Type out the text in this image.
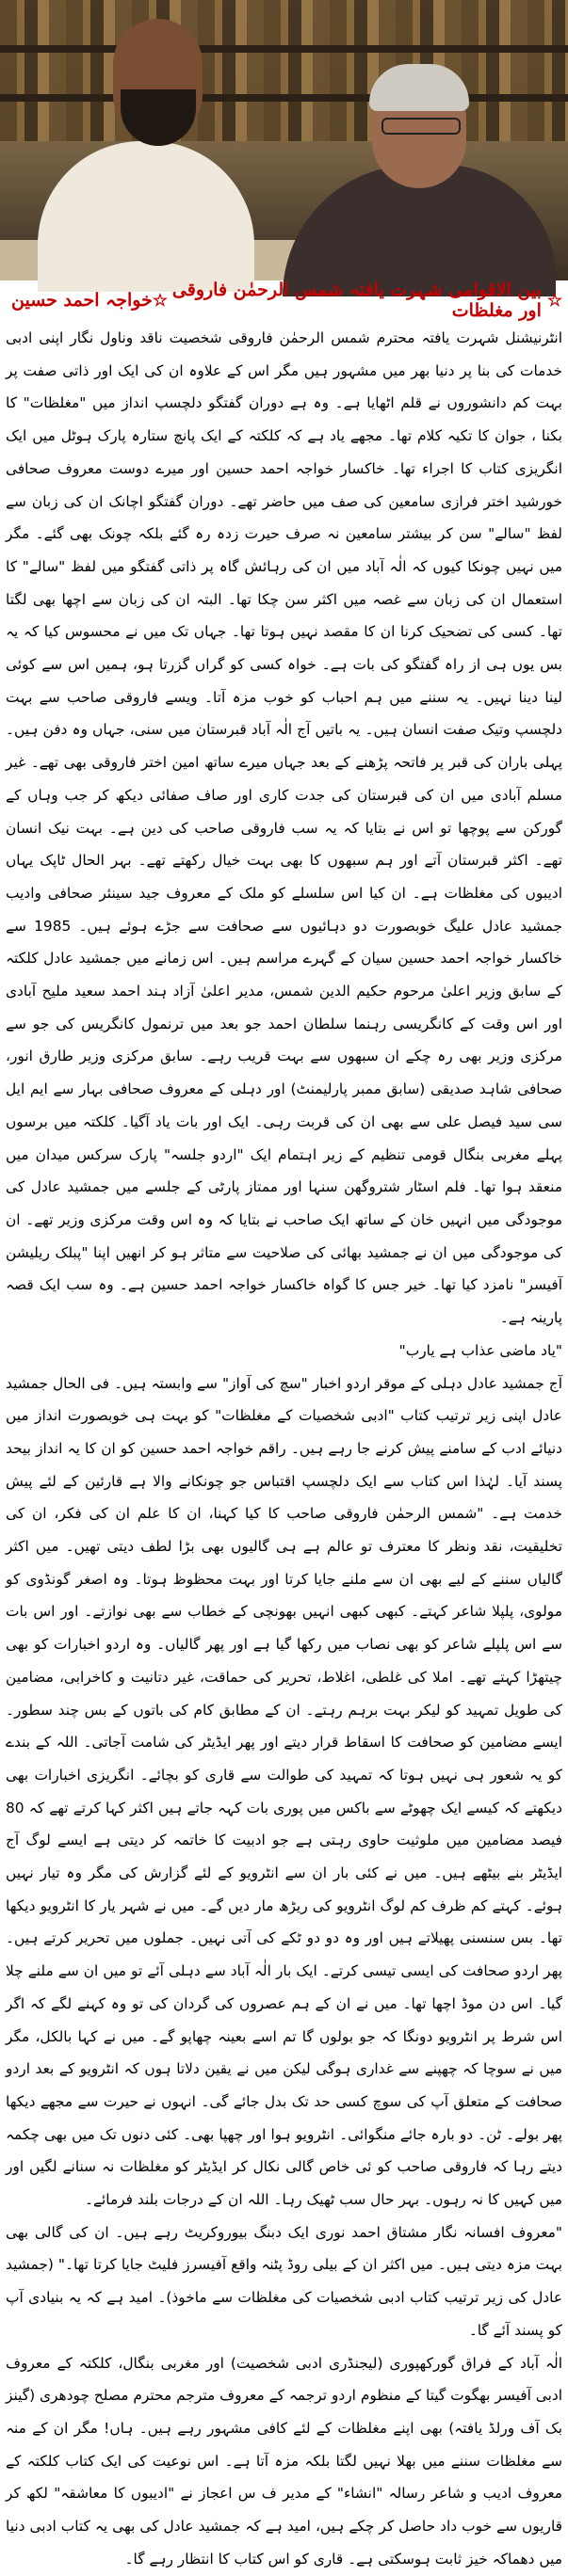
☆
بین الاقوامی شہرت یافتہ شمس الرحمٰن فاروقی اور مغلظات
☆
خواجہ احمد حسین

انٹرنیشنل شہرت یافتہ محترم شمس الرحمٰن فاروقی شخصیت ناقد وناول نگار اپنی ادبی خدمات کی بنا پر دنیا بھر میں مشہور ہیں مگر اس کے علاوہ ان کی ایک اور ذاتی صفت پر بہت کم دانشوروں نے قلم اٹھایا ہے۔ وہ ہے دوران گفتگو دلچسپ انداز میں "مغلظات" کا بکنا ، جوان کا تکیہ کلام تھا۔ مجھے یاد ہے کہ کلکتہ کے ایک پانچ ستارہ پارک ہوٹل میں ایک انگریزی کتاب کا اجراء تھا۔ خاکسار خواجہ احمد حسین اور میرے دوست معروف صحافی خورشید اختر فرازی سامعین کی صف میں حاضر تھے۔ دوران گفتگو اچانک ان کی زبان سے لفظ "سالے" سن کر بیشتر سامعین نہ صرف حیرت زدہ رہ گئے بلکہ چونک بھی گئے۔ مگر میں نہیں چونکا کیوں کہ الٰہ آباد میں ان کی رہائش گاہ پر ذاتی گفتگو میں لفظ "سالے" کا استعمال ان کی زبان سے غصہ میں اکثر سن چکا تھا۔ البتہ ان کی زبان سے اچھا بھی لگتا تھا۔ کسی کی تضحیک کرنا ان کا مقصد نہیں ہوتا تھا۔ جہاں تک میں نے محسوس کیا کہ یہ بس یوں ہی از راہ گفتگو کی بات ہے۔ خواہ کسی کو گراں گزرتا ہو، ہمیں اس سے کوئی لینا دینا نہیں۔ یہ سننے میں ہم احباب کو خوب مزہ آتا۔ ویسے فاروقی صاحب سے بہت دلچسپ وتیک صفت انسان ہیں۔ یہ باتیں آج الٰہ آباد قبرستان میں سنی، جہاں وہ دفن ہیں۔ پہلی باران کی قبر پر فاتحہ پڑھنے کے بعد جہاں میرے ساتھ امین اختر فاروقی بھی تھے۔ غیر مسلم آبادی میں ان کی قبرستان کی جدت کاری اور صاف صفائی دیکھ کر جب وہاں کے گورکن سے پوچھا تو اس نے بتایا کہ یہ سب فاروقی صاحب کی دین ہے۔ بہت نیک انسان تھے۔ اکثر قبرستان آتے اور ہم سبھوں کا بھی بہت خیال رکھتے تھے۔ بہر الحال ٹاپک یہاں ادیبوں کی مغلظات ہے۔ ان کیا اس سلسلے کو ملک کے معروف جید سینئر صحافی وادیب جمشید عادل علیگ خوبصورت دو دہائیوں سے صحافت سے جڑے ہوئے ہیں۔ 1985 سے خاکسار خواجہ احمد حسین سیان کے گہرے مراسم ہیں۔ اس زمانے میں جمشید عادل کلکتہ کے سابق وزیر اعلیٰ مرحوم حکیم الدین شمس، مدیر اعلیٰ آزاد ہند احمد سعید ملیح آبادی اور اس وقت کے کانگریسی رہنما سلطان احمد جو بعد میں ترنمول کانگریس کی جو سے مرکزی وزیر بھی رہ چکے ان سبھوں سے بہت قریب رہے۔ سابق مرکزی وزیر طارق انور، صحافی شاہد صدیقی (سابق ممبر پارلیمنٹ) اور دہلی کے معروف صحافی بہار سے ایم ایل سی سید فیصل علی سے بھی ان کی قربت رہی۔ ایک اور بات یاد آگیا۔ کلکتہ میں برسوں پہلے مغربی بنگال قومی تنظیم کے زیر اہتمام ایک "اردو جلسہ" پارک سرکس میدان میں منعقد ہوا تھا۔ فلم اسٹار شتروگھن سنہا اور ممتاز پارٹی کے جلسے میں جمشید عادل کی موجودگی میں انہیں خان کے ساتھ ایک صاحب نے بتایا کہ وہ اس وقت مرکزی وزیر تھے۔ ان کی موجودگی میں ان نے جمشید بھائی کی صلاحیت سے متاثر ہو کر انھیں اپنا "پبلک ریلیشن آفیسر" نامزد کیا تھا۔ خیر جس کا گواہ خاکسار خواجہ احمد حسین ہے۔ وہ سب ایک قصہ پارینہ ہے۔

"یاد ماضی عذاب ہے یارب"

آج جمشید عادل دہلی کے موقر اردو اخبار "سچ کی آواز" سے وابستہ ہیں۔ فی الحال جمشید عادل اپنی زیر ترتیب کتاب "ادبی شخصیات کے مغلظات" کو بہت ہی خوبصورت انداز میں دنیائے ادب کے سامنے پیش کرنے جا رہے ہیں۔ راقم خواجہ احمد حسین کو ان کا یہ انداز بیحد پسند آیا۔ لہٰذا اس کتاب سے ایک دلچسپ اقتباس جو چونکانے والا ہے قارئین کے لئے پیش خدمت ہے۔ "شمس الرحمٰن فاروقی صاحب کا کیا کہنا، ان کا علم ان کی فکر، ان کی تخلیقیت، نقد ونظر کا معترف تو عالم ہے ہی گالیوں بھی بڑا لطف دیتی تھیں۔ میں اکثر گالیاں سننے کے لیے بھی ان سے ملنے جایا کرتا اور بہت محظوظ ہوتا۔ وہ اصغر گونڈوی کو مولوی، پلپلا شاعر کہتے۔ کبھی کبھی انہیں بھونچی کے خطاب سے بھی نوازتے۔ اور اس بات سے اس پلپلے شاعر کو بھی نصاب میں رکھا گیا ہے اور پھر گالیاں۔ وہ اردو اخبارات کو بھی چیتھڑا کہتے تھے۔ املا کی غلطی، اغلاط، تحریر کی حماقت، غیر دتانیت و کاخرابی، مضامین کی طویل تمہید کو لیکر بہت برہم رہتے۔ ان کے مطابق کام کی باتوں کے بس چند سطور۔ ایسے مضامین کو صحافت کا اسقاط قرار دیتے اور پھر ایڈیٹر کی شامت آجاتی۔ اللہ کے بندے کو یہ شعور ہی نہیں ہوتا کہ تمہید کی طوالت سے قاری کو بچائے۔ انگریزی اخبارات بھی دیکھتے کہ کیسے ایک چھوٹے سے باکس میں پوری بات کہہ جاتے ہیں اکثر کہا کرتے تھے کہ 80 فیصد مضامین میں ملوثیت حاوی رہتی ہے جو ادبیت کا خاتمہ کر دیتی ہے ایسے لوگ آج ایڈیٹر بنے بیٹھے ہیں۔ میں نے کئی بار ان سے انٹرویو کے لئے گزارش کی مگر وہ تیار نہیں ہوئے۔ کہتے کم ظرف کم لوگ انٹرویو کی ریڑھ مار دیں گے۔ میں نے شہر یار کا انٹرویو دیکھا تھا۔ بس سنسنی پھیلاتے ہیں اور وہ دو دو ٹکے کی آتی نہیں۔ جملوں میں تحریر کرتے ہیں۔ پھر اردو صحافت کی ایسی تیسی کرتے۔ ایک بار الٰہ آباد سے دہلی آئے تو میں ان سے ملنے چلا گیا۔ اس دن موڈ اچھا تھا۔ میں نے ان کے ہم عصروں کی گردان کی تو وہ کہنے لگے کہ اگر اس شرط پر انٹرویو دونگا کہ جو بولوں گا تم اسے بعینہ چھاپو گے۔ میں نے کہا بالکل، مگر میں نے سوچا کہ چھپنے سے غداری ہوگی لیکن میں نے یقین دلاتا ہوں کہ انٹرویو کے بعد اردو صحافت کے متعلق آپ کی سوچ کسی حد تک بدل جائے گی۔ انہوں نے حیرت سے مجھے دیکھا پھر بولے۔ ٹن۔ دو بارہ جائے منگوائی۔ انٹرویو ہوا اور چھپا بھی۔ کئی دنوں تک میں بھی چکمہ دیتے رہا کہ فاروقی صاحب کو ئی خاص گالی نکال کر ایڈیٹر کو مغلظات نہ سنانے لگیں اور میں کہیں کا نہ رہوں۔ بہر حال سب ٹھیک رہا۔ اللہ ان کے درجات بلند فرمائے۔

"معروف افسانہ نگار مشتاق احمد نوری ایک دبنگ بیوروکریٹ رہے ہیں۔ ان کی گالی بھی بہت مزہ دیتی ہیں۔ میں اکثر ان کے بیلی روڈ پٹنہ واقع آفیسرز فلیٹ جایا کرتا تھا۔" (جمشید عادل کی زیر ترتیب کتاب ادبی شخصیات کی مغلظات سے ماخوذ)۔ امید ہے کہ یہ بنیادی آپ کو پسند آئے گا۔

الٰہ آباد کے فراق گورکھپوری (لیجنڈری ادبی شخصیت) اور مغربی بنگال، کلکتہ کے معروف ادبی آفیسر بھگوت گیتا کے منظوم اردو ترجمہ کے معروف مترجم محترم مصلح چودھری (گینز بک آف ورلڈ یافتہ) بھی اپنے مغلظات کے لئے کافی مشہور رہے ہیں۔ ہاں! مگر ان کے منہ سے مغلظات سننے میں بھلا نہیں لگتا بلکہ مزہ آتا ہے۔ اس نوعیت کی ایک کتاب کلکتہ کے معروف ادیب و شاعر رسالہ "انشاء" کے مدیر ف س اعجاز نے "ادیبوں کا معاشقہ" لکھ کر قاریوں سے خوب داد حاصل کر چکے ہیں، امید ہے کہ جمشید عادل کی بھی یہ کتاب ادبی دنیا میں دھماکہ خیز ثابت ہوسکتی ہے۔ قاری کو اس کتاب کا انتظار رہے گا۔
